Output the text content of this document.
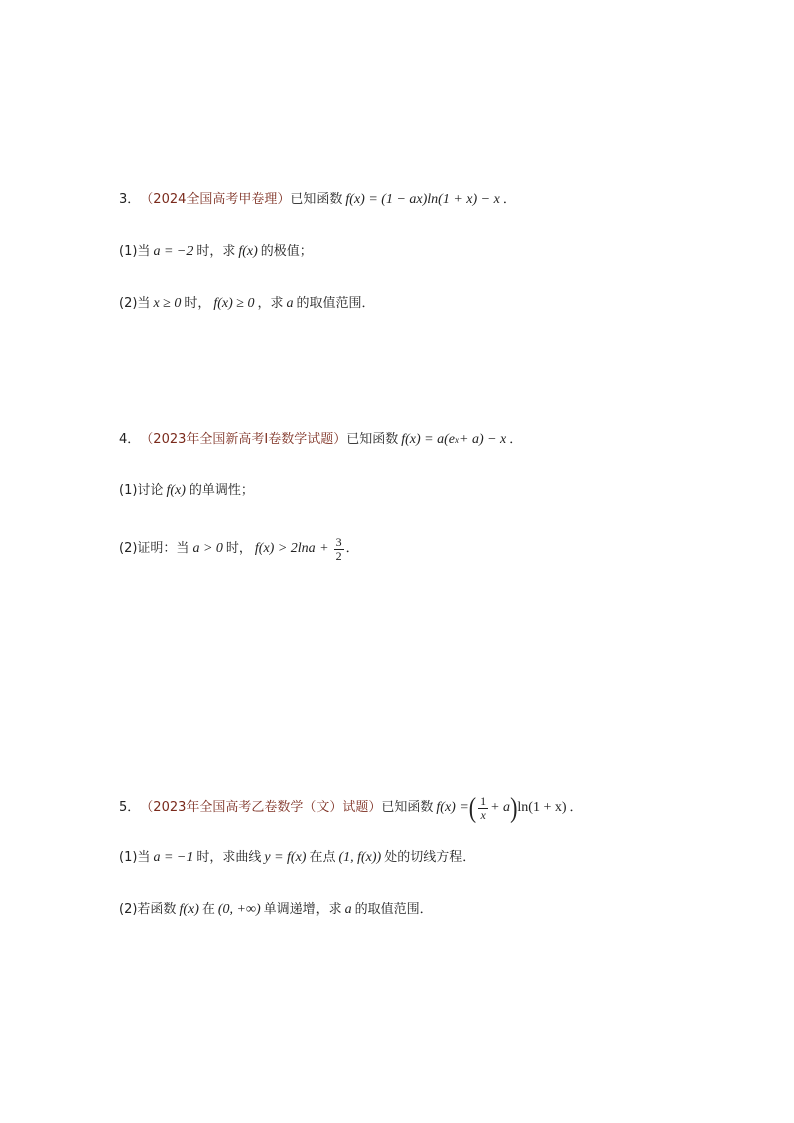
3 ． （2024全国高考甲卷理） 已知函数 f(x) = (1 − ax)ln(1 + x) − x ．
(1) 当 a = −2 时，求 f(x) 的极值；
(2) 当 x ≥ 0 时， f(x) ≥ 0 ，求 a 的取值范围．
4 ． （2023年全国新高考Ⅰ卷数学试题） 已知函数 f(x) = a(e x + a) − x ．
(1) 讨论 f(x) 的单调性；
(2) 证明：当 a > 0 时， $f(x) > 2\ln a + \frac{3}{2}$ ．
5 ． （2023年全国高考乙卷数学（文）试题） 已知函数 f(x) = ( $\frac{1}{x} + a$ ) ln(1 + x) ．
(1) 当 a = −1 时，求曲线 y = f(x) 在点 (1, f(x)) 处的切线方程．
(2) 若函数 f(x) 在 (0, +∞) 单调递增，求 a 的取值范围．
